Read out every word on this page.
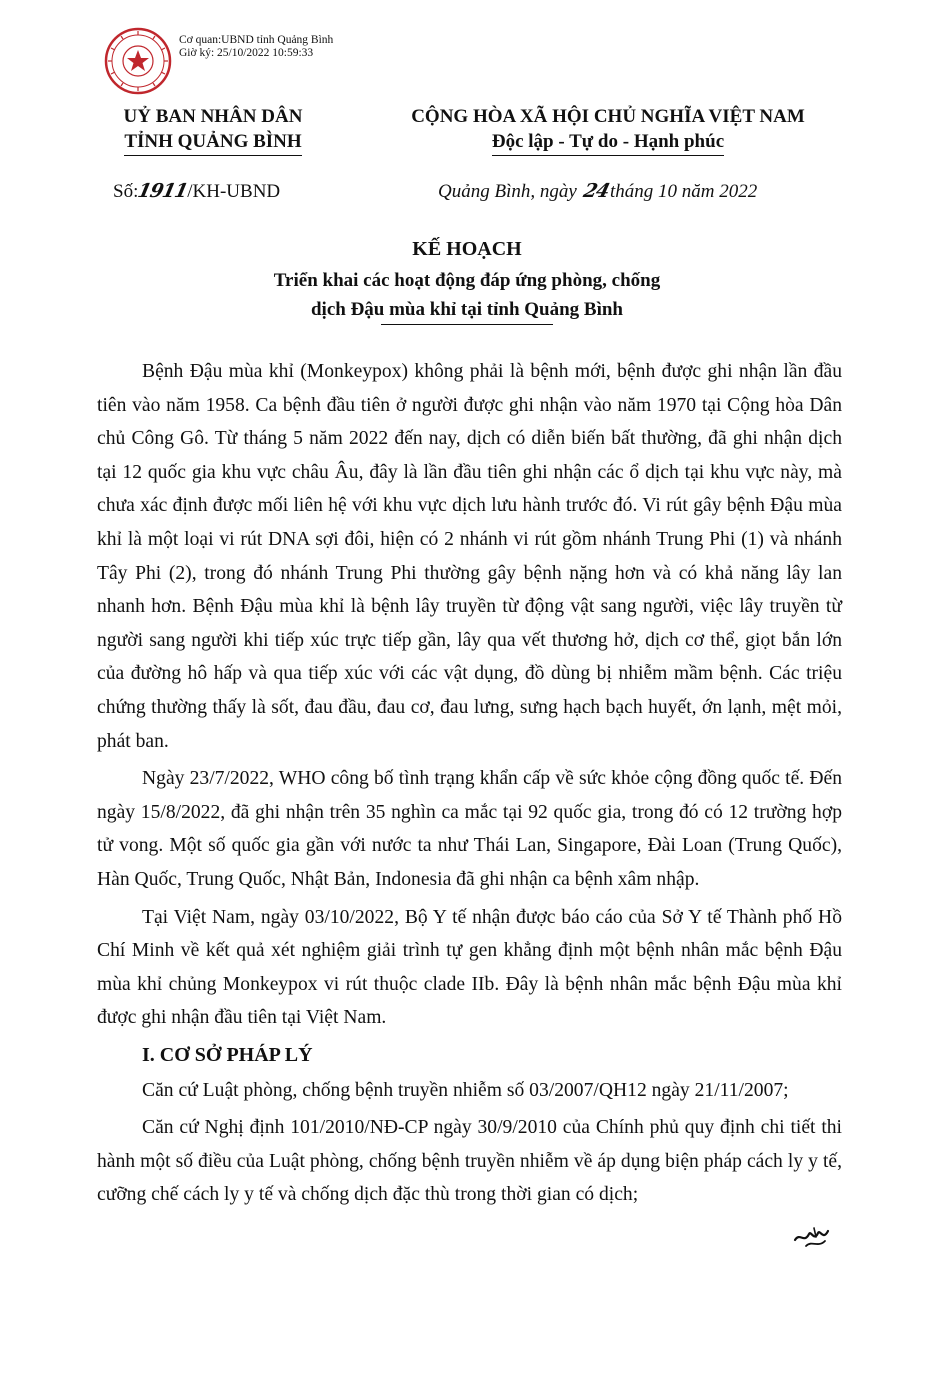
Cơ quan:UBND tỉnh Quảng Bình
Giờ ký: 25/10/2022 10:59:33
UỶ BAN NHÂN DÂN
TỈNH QUẢNG BÌNH
CỘNG HÒA XÃ HỘI CHỦ NGHĨA VIỆT NAM
Độc lập - Tự do - Hạnh phúc
Số:1911/KH-UBND	Quảng Bình, ngày 24tháng 10 năm 2022
KẾ HOẠCH
Triển khai các hoạt động đáp ứng phòng, chống
dịch Đậu mùa khỉ tại tỉnh Quảng Bình

Bệnh Đậu mùa khỉ (Monkeypox) không phải là bệnh mới, bệnh được ghi nhận lần đầu tiên vào năm 1958. Ca bệnh đầu tiên ở người được ghi nhận vào năm 1970 tại Cộng hòa Dân chủ Công Gô. Từ tháng 5 năm 2022 đến nay, dịch có diễn biến bất thường, đã ghi nhận dịch tại 12 quốc gia khu vực châu Âu, đây là lần đầu tiên ghi nhận các ổ dịch tại khu vực này, mà chưa xác định được mối liên hệ với khu vực dịch lưu hành trước đó. Vi rút gây bệnh Đậu mùa khỉ là một loại vi rút DNA sợi đôi, hiện có 2 nhánh vi rút gồm nhánh Trung Phi (1) và nhánh Tây Phi (2), trong đó nhánh Trung Phi thường gây bệnh nặng hơn và có khả năng lây lan nhanh hơn. Bệnh Đậu mùa khỉ là bệnh lây truyền từ động vật sang người, việc lây truyền từ người sang người khi tiếp xúc trực tiếp gần, lây qua vết thương hở, dịch cơ thể, giọt bắn lớn của đường hô hấp và qua tiếp xúc với các vật dụng, đồ dùng bị nhiễm mầm bệnh. Các triệu chứng thường thấy là sốt, đau đầu, đau cơ, đau lưng, sưng hạch bạch huyết, ớn lạnh, mệt mỏi, phát ban.

Ngày 23/7/2022, WHO công bố tình trạng khẩn cấp về sức khỏe cộng đồng quốc tế. Đến ngày 15/8/2022, đã ghi nhận trên 35 nghìn ca mắc tại 92 quốc gia, trong đó có 12 trường hợp tử vong. Một số quốc gia gần với nước ta như Thái Lan, Singapore, Đài Loan (Trung Quốc), Hàn Quốc, Trung Quốc, Nhật Bản, Indonesia đã ghi nhận ca bệnh xâm nhập.

Tại Việt Nam, ngày 03/10/2022, Bộ Y tế nhận được báo cáo của Sở Y tế Thành phố Hồ Chí Minh về kết quả xét nghiệm giải trình tự gen khẳng định một bệnh nhân mắc bệnh Đậu mùa khỉ chủng Monkeypox vi rút thuộc clade IIb. Đây là bệnh nhân mắc bệnh Đậu mùa khỉ được ghi nhận đầu tiên tại Việt Nam.

I. CƠ SỞ PHÁP LÝ

Căn cứ Luật phòng, chống bệnh truyền nhiễm số 03/2007/QH12 ngày 21/11/2007;

Căn cứ Nghị định 101/2010/NĐ-CP ngày 30/9/2010 của Chính phủ quy định chi tiết thi hành một số điều của Luật phòng, chống bệnh truyền nhiễm về áp dụng biện pháp cách ly y tế, cưỡng chế cách ly y tế và chống dịch đặc thù trong thời gian có dịch;
